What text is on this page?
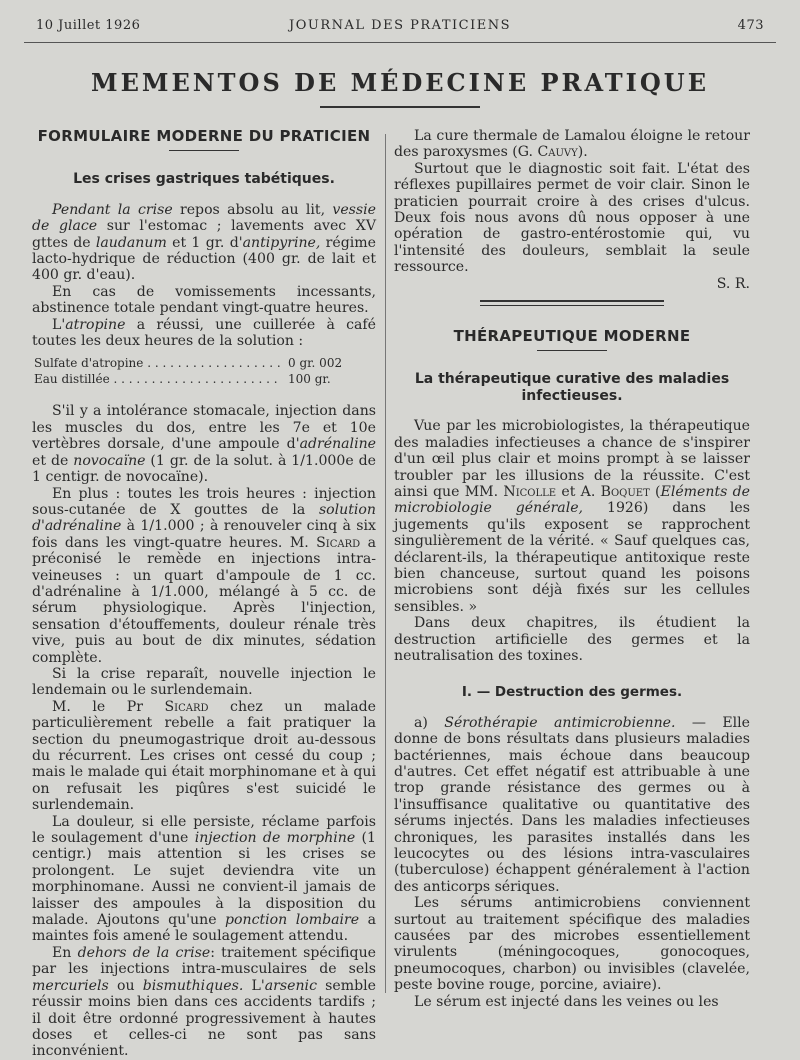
10 Juillet 1926	JOURNAL DES PRATICIENS	473
MEMENTOS DE MÉDECINE PRATIQUE
FORMULAIRE MODERNE DU PRATICIEN
Les crises gastriques tabétiques.

Pendant la crise repos absolu au lit, vessie de glace sur l'estomac ; lavements avec XV gttes de laudanum et 1 gr. d'antipyrine, régime lacto-hydrique de réduction (400 gr. de lait et 400 gr. d'eau).

En cas de vomissements incessants, abstinence totale pendant vingt-quatre heures.

L'atropine a réussi, une cuillerée à café toutes les deux heures de la solution :

Sulfate d'atropine . . .	0 gr. 002
Eau distillée . . .	100 gr.

S'il y a intolérance stomacale, injection dans les muscles du dos, entre les 7e et 10e vertèbres dorsale, d'une ampoule d'adrénaline et de novocaïne (1 gr. de la solut. à 1/1.000e de 1 centigr. de novocaïne).

En plus : toutes les trois heures : injection sous-cutanée de X gouttes de la solution d'adrénaline à 1/1.000 ; à renouveler cinq à six fois dans les vingt-quatre heures. M. Sicard a préconisé le remède en injections intra-veineuses : un quart d'ampoule de 1 cc. d'adrénaline à 1/1.000, mélangé à 5 cc. de sérum physiologique. Après l'injection, sensation d'étouffements, douleur rénale très vive, puis au bout de dix minutes, sédation complète.

Si la crise reparaît, nouvelle injection le lendemain ou le surlendemain.

M. le Pr Sicard chez un malade particulièrement rebelle a fait pratiquer la section du pneumogastrique droit au-dessous du récurrent. Les crises ont cessé du coup ; mais le malade qui était morphinomane et à qui on refusait les piqûres s'est suicidé le surlendemain.

La douleur, si elle persiste, réclame parfois le soulagement d'une injection de morphine (1 centigr.) mais attention si les crises se prolongent. Le sujet deviendra vite un morphinomane. Aussi ne convient-il jamais de laisser des ampoules à la disposition du malade. Ajoutons qu'une ponction lombaire a maintes fois amené le soulagement attendu.

En dehors de la crise: traitement spécifique par les injections intra-musculaires de sels mercuriels ou bismuthiques. L'arsenic semble réussir moins bien dans ces accidents tardifs ; il doit être ordonné progressivement à hautes doses et celles-ci ne sont pas sans inconvénient.

La cure thermale de Lamalou éloigne le retour des paroxysmes (G. Cauvy).

Surtout que le diagnostic soit fait. L'état des réflexes pupillaires permet de voir clair. Sinon le praticien pourrait croire à des crises d'ulcus. Deux fois nous avons dû nous opposer à une opération de gastro-entérostomie qui, vu l'intensité des douleurs, semblait la seule ressource.

S. R.

THÉRAPEUTIQUE MODERNE
La thérapeutique curative des maladies infectieuses.

Vue par les microbiologistes, la thérapeutique des maladies infectieuses a chance de s'inspirer d'un œil plus clair et moins prompt à se laisser troubler par les illusions de la réussite. C'est ainsi que MM. Nicolle et A. Boquet (Eléments de microbiologie générale, 1926) dans les jugements qu'ils exposent se rapprochent singulièrement de la vérité. « Sauf quelques cas, déclarent-ils, la thérapeutique antitoxique reste bien chanceuse, surtout quand les poisons microbiens sont déjà fixés sur les cellules sensibles. »

Dans deux chapitres, ils étudient la destruction artificielle des germes et la neutralisation des toxines.

I. — Destruction des germes.

a) Sérothérapie antimicrobienne. — Elle donne de bons résultats dans plusieurs maladies bactériennes, mais échoue dans beaucoup d'autres. Cet effet négatif est attribuable à une trop grande résistance des germes ou à l'insuffisance qualitative ou quantitative des sérums injectés. Dans les maladies infectieuses chroniques, les parasites installés dans les leucocytes ou des lésions intra-vasculaires (tuberculose) échappent généralement à l'action des anticorps sériques.

Les sérums antimicrobiens conviennent surtout au traitement spécifique des maladies causées par des microbes essentiellement virulents (méningocoques, gonocoques, pneumocoques, charbon) ou invisibles (clavelée, peste bovine rouge, porcine, aviaire).

Le sérum est injecté dans les veines ou les
